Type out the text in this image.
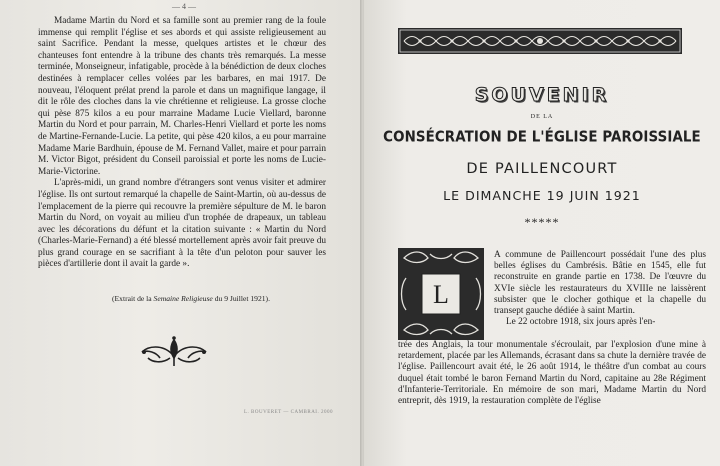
— 4 —

Madame Martin du Nord et sa famille sont au premier rang de la foule immense qui remplit l'église et ses abords et qui assiste religieusement au saint Sacrifice. Pendant la messe, quelques artistes et le chœur des chanteuses font entendre à la tribune des chants très remarqués. La messe terminée, Monseigneur, infatigable, procède à la bénédiction de deux cloches destinées à remplacer celles volées par les barbares, en mai 1917. De nouveau, l'éloquent prélat prend la parole et dans un magnifique langage, il dit le rôle des cloches dans la vie chrétienne et religieuse. La grosse cloche qui pèse 875 kilos a eu pour marraine Madame Lucie Viellard, baronne Martin du Nord et pour parrain, M. Charles-Henri Viellard et porte les noms de Martine-Fernande-Lucie. La petite, qui pèse 420 kilos, a eu pour marraine Madame Marie Bardhuin, épouse de M. Fernand Vallet, maire et pour parrain M. Victor Bigot, président du Conseil paroissial et porte les noms de Lucie-Marie-Victorine.

L'après-midi, un grand nombre d'étrangers sont venus visiter et admirer l'église. Ils ont surtout remarqué la chapelle de Saint-Martin, où au-dessus de l'emplacement de la pierre qui recouvre la première sépulture de M. le baron Martin du Nord, on voyait au milieu d'un trophée de drapeaux, un tableau avec les décorations du défunt et la citation suivante : « Martin du Nord (Charles-Marie-Fernand) a été blessé mortellement après avoir fait preuve du plus grand courage en se sacrifiant à la tête d'un peloton pour sauver les pièces d'artillerie dont il avait la garde ».

(Extrait de la Semaine Religieuse du 9 Juillet 1921).
L. BOUVERET — CAMBRAI. 2000
SOUVENIR
DE LA
CONSÉCRATION DE L'ÉGLISE PAROISSIALE
DE PAILLENCOURT
LE DIMANCHE 19 JUIN 1921
*****
L

A commune de Paillencourt possédait l'une des plus belles églises du Cambrésis. Bâtie en 1545, elle fut reconstruite en grande partie en 1738. De l'œuvre du XVIe siècle les restaurateurs du XVIIIe ne laissèrent subsister que le clocher gothique et la chapelle du transept gauche dédiée à saint Martin.

Le 22 octobre 1918, six jours après l'en-

trée des Anglais, la tour monumentale s'écroulait, par l'explosion d'une mine à retardement, placée par les Allemands, écrasant dans sa chute la dernière travée de l'église. Paillencourt avait été, le 26 août 1914, le théâtre d'un combat au cours duquel était tombé le baron Fernand Martin du Nord, capitaine au 28e Régiment d'Infanterie-Territoriale. En mémoire de son mari, Madame Martin du Nord entreprit, dès 1919, la restauration complète de l'église
